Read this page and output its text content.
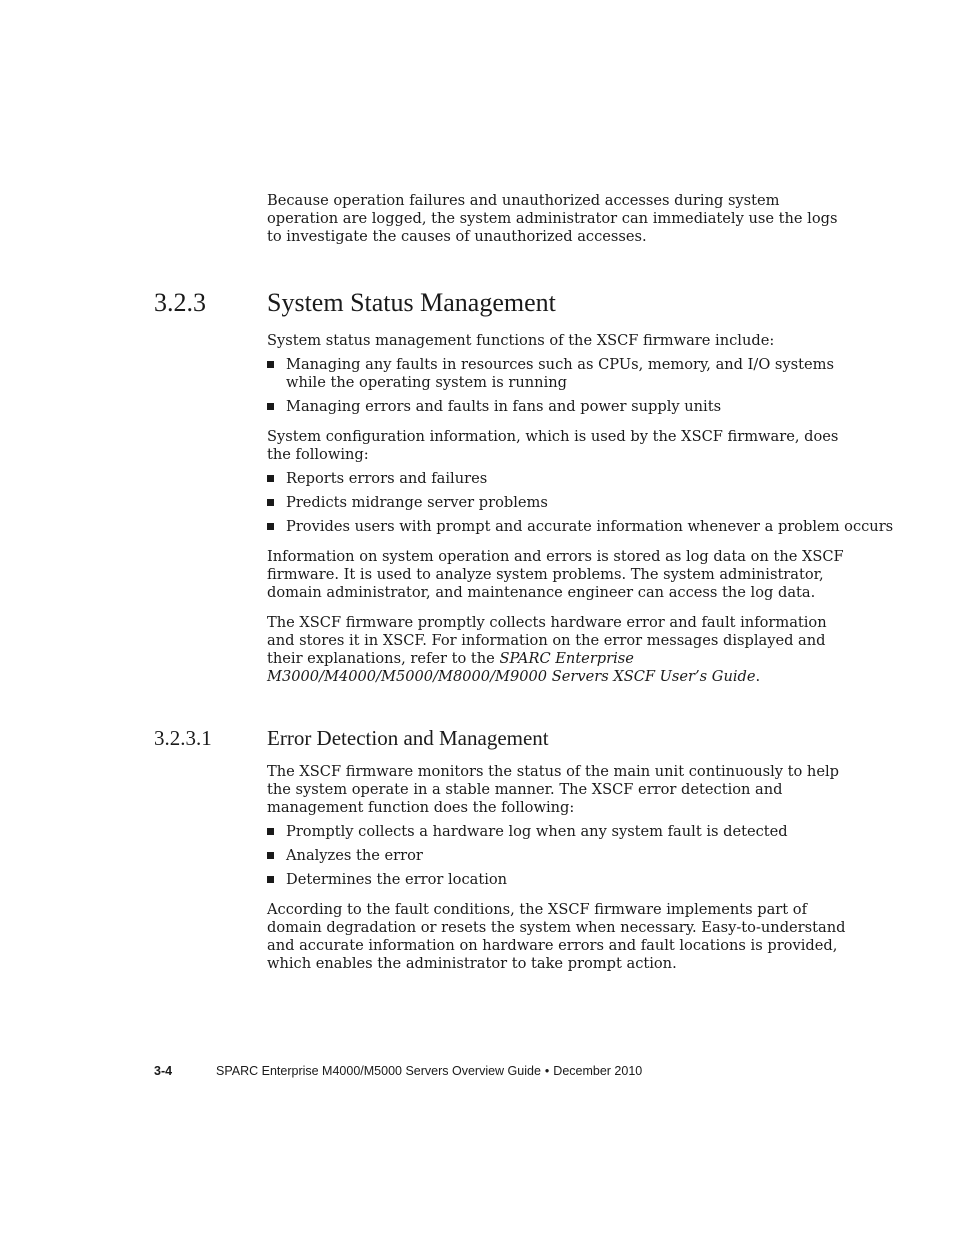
Because operation failures and unauthorized accesses during system operation are logged, the system administrator can immediately use the logs to investigate the causes of unauthorized accesses.

3.2.3 System Status Management

System status management functions of the XSCF firmware include:

Managing any faults in resources such as CPUs, memory, and I/O systems while the operating system is running
Managing errors and faults in fans and power supply units

System configuration information, which is used by the XSCF firmware, does the following:

Reports errors and failures
Predicts midrange server problems
Provides users with prompt and accurate information whenever a problem occurs

Information on system operation and errors is stored as log data on the XSCF firmware. It is used to analyze system problems. The system administrator, domain administrator, and maintenance engineer can access the log data.

The XSCF firmware promptly collects hardware error and fault information and stores it in XSCF. For information on the error messages displayed and their explanations, refer to the SPARC Enterprise M3000/M4000/M5000/M8000/M9000 Servers XSCF User’s Guide.

3.2.3.1	Error Detection and Management

The XSCF firmware monitors the status of the main unit continuously to help the system operate in a stable manner. The XSCF error detection and management function does the following:

Promptly collects a hardware log when any system fault is detected
Analyzes the error
Determines the error location

According to the fault conditions, the XSCF firmware implements part of domain degradation or resets the system when necessary. Easy-to-understand and accurate information on hardware errors and fault locations is provided, which enables the administrator to take prompt action.

3-4	SPARC Enterprise M4000/M5000 Servers Overview Guide • December 2010
